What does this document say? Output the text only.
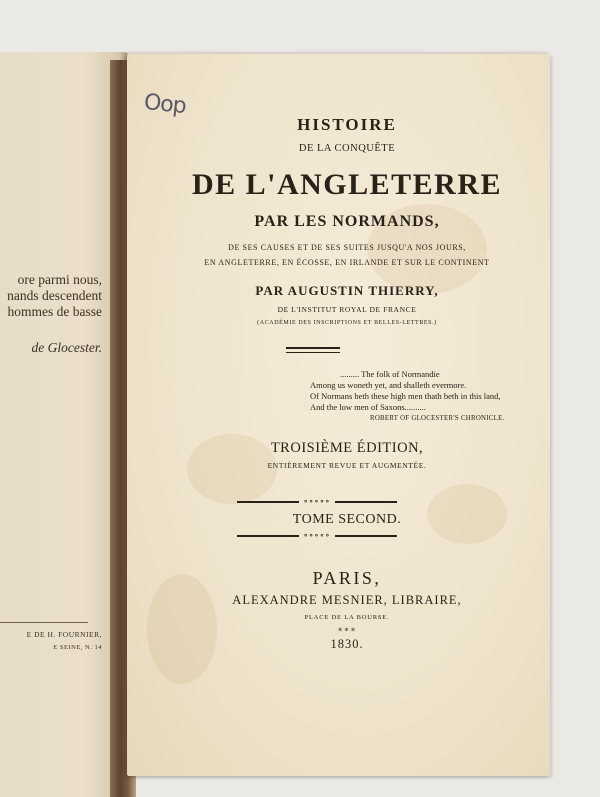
ore parmi nous,
nands descendent
hommes de basse
de Glocester.
E DE H. FOURNIER,
E SEINE, N. 14
Oop
HISTOIRE
DE LA CONQUÊTE
DE L'ANGLETERRE
PAR LES NORMANDS,
DE SES CAUSES ET DE SES SUITES JUSQU'A NOS JOURS,
EN ANGLETERRE, EN ÉCOSSE, EN IRLANDE ET SUR LE CONTINENT
PAR AUGUSTIN THIERRY,
DE L'INSTITUT ROYAL DE FRANCE
(ACADÉMIE DES INSCRIPTIONS ET BELLES-LETTRES.)
......... The folk of Normandie
Among us woneth yet, and shalleth evermore.
Of Normans beth these high men thath beth in this land,
And the low men of Saxons..........
ROBERT OF GLOCESTER'S CHRONICLE.
TROISIÈME ÉDITION,
ENTIÈREMENT REVUE ET AUGMENTÉE.
∘∘∘∘∘
TOME SECOND.
∘∘∘∘∘
PARIS,
ALEXANDRE MESNIER, LIBRAIRE,
PLACE DE LA BOURSE.
∗∗∗
1830.
